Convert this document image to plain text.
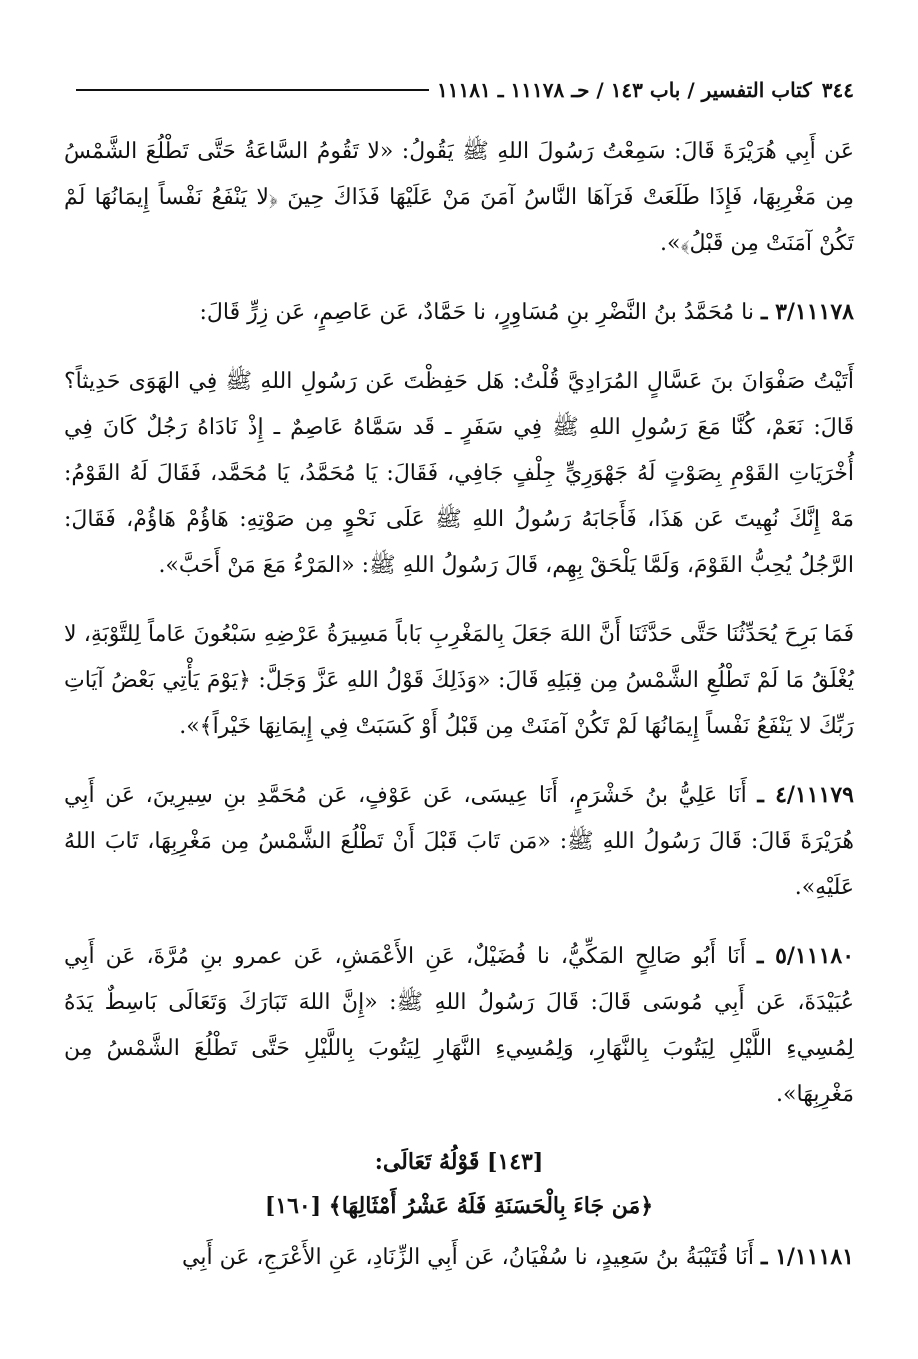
٣٤٤
كتاب التفسير / باب ١٤٣ / حـ ١١١٧٨ ـ ١١١٨١

عَن أَبِي هُرَيْرَةَ قَالَ: سَمِعْتُ رَسُولَ اللهِ ﷺ يَقُولُ: «لا تَقُومُ السَّاعَةُ حَتَّى تَطْلُعَ الشَّمْسُ مِن مَغْرِبِهَا، فَإِذَا طَلَعَتْ فَرَآهَا النَّاسُ آمَنَ مَنْ عَلَيْهَا فَذَاكَ حِينَ ﴿لا يَنْفَعُ نَفْساً إِيمَانُهَا لَمْ تَكُنْ آمَنَتْ مِن قَبْلُ﴾».

٣/١١١٧٨ ـ نا مُحَمَّدُ بنُ النَّضْرِ بنِ مُسَاوِرٍ، نا حَمَّادٌ، عَن عَاصِمٍ، عَن زِرٍّ قَالَ:

أَتَيْتُ صَفْوَانَ بنَ عَسَّالٍ المُرَادِيَّ قُلْتُ: هَل حَفِظْتَ عَن رَسُولِ اللهِ ﷺ فِي الهَوَى حَدِيثاً؟ قَالَ: نَعَمْ، كُنَّا مَعَ رَسُولِ اللهِ ﷺ فِي سَفَرٍ ـ قَد سَمَّاهُ عَاصِمٌ ـ إِذْ نَادَاهُ رَجُلٌ كَانَ فِي أُخْرَيَاتِ القَوْمِ بِصَوْتٍ لَهُ جَهْوَرِيٍّ جِلْفٍ جَافِي، فَقَالَ: يَا مُحَمَّدُ، يَا مُحَمَّد، فَقَالَ لَهُ القَوْمُ: مَهْ إِنَّكَ نُهِيتَ عَن هَذَا، فَأَجَابَهُ رَسُولُ اللهِ ﷺ عَلَى نَحْوٍ مِن صَوْتِهِ: هَاؤُمْ هَاؤُمْ، فَقَالَ: الرَّجُلُ يُحِبُّ القَوْمَ، وَلَمَّا يَلْحَقْ بِهِم، قَالَ رَسُولُ اللهِ ﷺ: «المَرْءُ مَعَ مَنْ أَحَبَّ».

فَمَا بَرِحَ يُحَدِّثُنَا حَتَّى حَدَّثَنَا أَنَّ اللهَ جَعَلَ بِالمَغْرِبِ بَاباً مَسِيرَةُ عَرْضِهِ سَبْعُونَ عَاماً لِلتَّوْبَةِ، لا يُغْلَقُ مَا لَمْ تَطْلُعِ الشَّمْسُ مِن قِبَلِهِ قَالَ: «وَذَلِكَ قَوْلُ اللهِ عَزَّ وَجَلَّ: ﴿يَوْمَ يَأْتِي بَعْضُ آيَاتِ رَبِّكَ لا يَنْفَعُ نَفْساً إِيمَانُهَا لَمْ تَكُنْ آمَنَتْ مِن قَبْلُ أَوْ كَسَبَتْ فِي إِيمَانِهَا خَيْراً﴾».

٤/١١١٧٩ ـ أَنَا عَلِيُّ بنُ خَشْرَمٍ، أَنَا عِيسَى، عَن عَوْفٍ، عَن مُحَمَّدِ بنِ سِيرِينَ، عَن أَبِي هُرَيْرَةَ قَالَ: قَالَ رَسُولُ اللهِ ﷺ: «مَن تَابَ قَبْلَ أَنْ تَطْلُعَ الشَّمْسُ مِن مَغْرِبِهَا، تَابَ اللهُ عَلَيْهِ».

٥/١١١٨٠ ـ أَنَا أَبُو صَالِحٍ المَكِّيُّ، نا فُضَيْلٌ، عَنِ الأَعْمَشِ، عَن عمرو بنِ مُرَّةَ، عَن أَبِي عُبَيْدَةَ، عَن أَبِي مُوسَى قَالَ: قَالَ رَسُولُ اللهِ ﷺ: «إِنَّ اللهَ تَبَارَكَ وَتَعَالَى بَاسِطٌ يَدَهُ لِمُسِيءِ اللَّيْلِ لِيَتُوبَ بِالنَّهَارِ، وَلِمُسِيءِ النَّهَارِ لِيَتُوبَ بِاللَّيْلِ حَتَّى تَطْلُعَ الشَّمْسُ مِن مَغْرِبِهَا».

[١٤٣] قَوْلُهُ تَعَالَى:
﴿مَن جَاءَ بِالْحَسَنَةِ فَلَهُ عَشْرُ أَمْثَالِهَا﴾ [١٦٠]

١/١١١٨١ ـ أَنَا قُتَيْبَةُ بنُ سَعِيدٍ، نا سُفْيَانُ، عَن أَبِي الزِّنَادِ، عَنِ الأَعْرَجِ، عَن أَبِي
